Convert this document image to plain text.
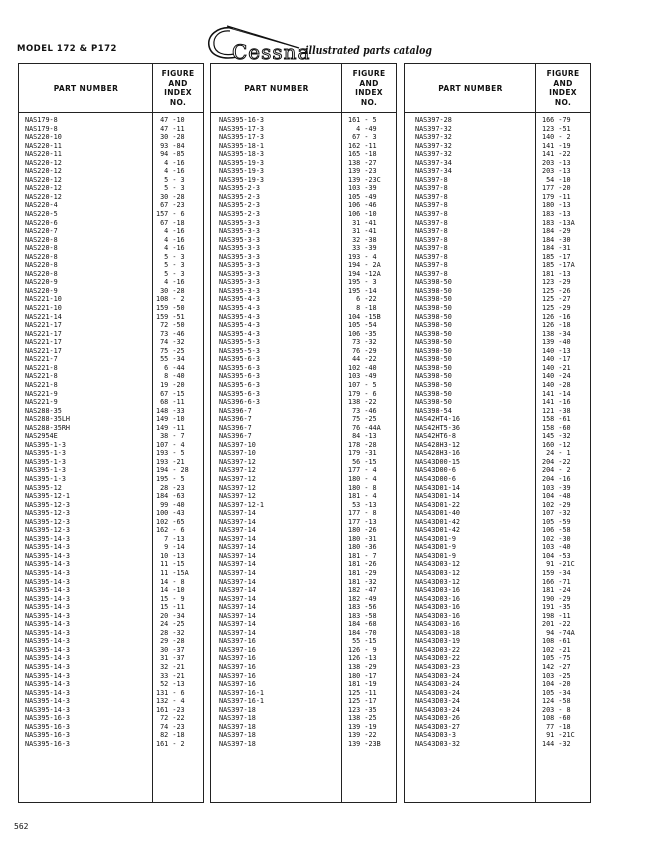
MODEL 172 & P172	Cessna
illustrated parts catalog
PART NUMBER
FIGURE
AND
INDEX
NO.
NAS179-8	47 -10
NAS179-8	47 -11
NAS220-10	30 -28
NAS220-11	93 -84
NAS220-11	94 -85
NAS220-12	4 -16
NAS220-12	4 -16
NAS220-12	5 - 3
NAS220-12	5 - 3
NAS220-12	30 -28
NAS220-4	67 -23
NAS220-5	157 - 6
NAS220-6	67 -18
NAS220-7	4 -16
NAS220-8	4 -16
NAS220-8	4 -16
NAS220-8	5 - 3
NAS220-8	5 - 3
NAS220-8	5 - 3
NAS220-9	4 -16
NAS220-9	30 -28
NAS221-10	108 - 2
NAS221-10	159 -50
NAS221-14	159 -51
NAS221-17	72 -50
NAS221-17	73 -46
NAS221-17	74 -32
NAS221-17	75 -25
NAS221-7	55 -34
NAS221-8	6 -44
NAS221-8	8 -40
NAS221-8	19 -20
NAS221-9	67 -15
NAS221-9	68 -11
NAS288-35	148 -33
NAS288-35LH	149 -10
NAS288-35RH	149 -11
NAS2954E	38 - 7
NAS395-1-3	107 - 4
NAS395-1-3	193 - 5
NAS395-1-3	193 -21
NAS395-1-3	194 - 28
NAS395-1-3	195 - 5
NAS395-12	28 -23
NAS395-12-1	184 -63
NAS395-12-3	99 -40
NAS395-12-3	100 -43
NAS395-12-3	102 -65
NAS395-12-3	162 - 6
NAS395-14-3	7 -13
NAS395-14-3	9 -14
NAS395-14-3	10 -13
NAS395-14-3	11 -15
NAS395-14-3	11 -15A
NAS395-14-3	14 - 8
NAS395-14-3	14 -10
NAS395-14-3	15 - 9
NAS395-14-3	15 -11
NAS395-14-3	20 -34
NAS395-14-3	24 -25
NAS395-14-3	28 -32
NAS395-14-3	29 -28
NAS395-14-3	30 -37
NAS395-14-3	31 -37
NAS395-14-3	32 -21
NAS395-14-3	33 -21
NAS395-14-3	52 -13
NAS395-14-3	131 - 6
NAS395-14-3	132 - 4
NAS395-14-3	161 -23
NAS395-16-3	72 -22
NAS395-16-3	74 -23
NAS395-16-3	82 -18
NAS395-16-3	161 - 2
PART NUMBER
FIGURE
AND
INDEX
NO.
NAS395-16-3	161 - 5
NAS395-17-3	4 -49
NAS395-17-3	67 - 3
NAS395-18-1	162 -11
NAS395-18-3	165 -18
NAS395-19-3	138 -27
NAS395-19-3	139 -23
NAS395-19-3	139 -23C
NAS395-2-3	103 -39
NAS395-2-3	105 -49
NAS395-2-3	106 -46
NAS395-2-3	106 -10
NAS395-3-3	31 -41
NAS395-3-3	31 -41
NAS395-3-3	32 -38
NAS395-3-3	33 -39
NAS395-3-3	193 - 4
NAS395-3-3	194 - 2A
NAS395-3-3	194 -12A
NAS395-3-3	195 - 3
NAS395-3-3	195 -14
NAS395-4-3	6 -22
NAS395-4-3	8 -18
NAS395-4-3	104 -15B
NAS395-4-3	105 -54
NAS395-4-3	106 -35
NAS395-5-3	73 -32
NAS395-5-3	76 -29
NAS395-6-3	44 -22
NAS395-6-3	102 -40
NAS395-6-3	103 -49
NAS395-6-3	107 - 5
NAS395-6-3	179 - 6
NAS396-6-3	138 -22
NAS396-7	73 -46
NAS396-7	75 -25
NAS396-7	76 -44A
NAS396-7	84 -13
NAS397-10	178 -28
NAS397-10	179 -31
NAS397-12	56 -15
NAS397-12	177 - 4
NAS397-12	180 - 4
NAS397-12	180 - 8
NAS397-12	181 - 4
NAS397-12-1	53 -13
NAS397-14	177 - 8
NAS397-14	177 -13
NAS397-14	180 -26
NAS397-14	180 -31
NAS397-14	180 -36
NAS397-14	181 - 7
NAS397-14	181 -26
NAS397-14	181 -29
NAS397-14	181 -32
NAS397-14	182 -47
NAS397-14	182 -49
NAS397-14	183 -56
NAS397-14	183 -58
NAS397-14	184 -68
NAS397-14	184 -70
NAS397-16	55 -15
NAS397-16	126 - 9
NAS397-16	126 -13
NAS397-16	138 -29
NAS397-16	180 -17
NAS397-16	181 -19
NAS397-16-1	125 -11
NAS397-16-1	125 -17
NAS397-18	123 -35
NAS397-18	138 -25
NAS397-18	139 -19
NAS397-18	139 -22
NAS397-18	139 -23B
PART NUMBER
FIGURE
AND
INDEX
NO.
NAS397-28	166 -79
NAS397-32	123 -51
NAS397-32	140 - 2
NAS397-32	141 -19
NAS397-32	141 -22
NAS397-34	203 -13
NAS397-34	203 -13
NAS397-8	54 -10
NAS397-8	177 -20
NAS397-8	179 -11
NAS397-8	180 -13
NAS397-8	183 -13
NAS397-8	183 -13A
NAS397-8	184 -29
NAS397-8	184 -30
NAS397-8	184 -31
NAS397-8	185 -17
NAS397-8	185 -17A
NAS397-8	181 -13
NAS398-50	123 -29
NAS398-50	125 -26
NAS398-50	125 -27
NAS398-50	125 -29
NAS398-50	126 -16
NAS398-50	126 -18
NAS398-50	138 -34
NAS398-50	139 -40
NAS398-50	140 -13
NAS398-50	140 -17
NAS398-50	140 -21
NAS398-50	140 -24
NAS398-50	140 -28
NAS398-50	141 -14
NAS398-50	141 -16
NAS398-54	121 -38
NAS42HT4-16	158 -61
NAS42HT5-36	158 -60
NAS42HT6-8	145 -32
NAS428H3-12	160 -12
NAS428H3-16	24 - 1
NAS43D00-15	204 -22
NAS43D00-6	204 - 2
NAS43D00-6	204 -16
NAS43D01-14	103 -39
NAS43D01-14	104 -48
NAS43D01-22	102 -29
NAS43D01-40	107 -32
NAS43D01-42	105 -59
NAS43D01-42	106 -58
NAS43D01-9	102 -30
NAS43D01-9	103 -40
NAS43D01-9	104 -53
NAS43D03-12	91 -21C
NAS43D03-12	159 -34
NAS43D03-12	166 -71
NAS43D03-16	181 -24
NAS43D03-16	190 -29
NAS43D03-16	191 -35
NAS43D03-16	198 -11
NAS43D03-16	201 -22
NAS43D03-18	94 -74A
NAS43D03-19	108 -61
NAS43D03-22	102 -21
NAS43D03-22	105 -75
NAS43D03-23	142 -27
NAS43D03-24	103 -25
NAS43D03-24	104 -20
NAS43D03-24	105 -34
NAS43D03-24	124 -58
NAS43D03-24	203 - 8
NAS43D03-26	108 -60
NAS43D03-27	77 -18
NAS43D03-3	91 -21C
NAS43D03-32	144 -32
562
